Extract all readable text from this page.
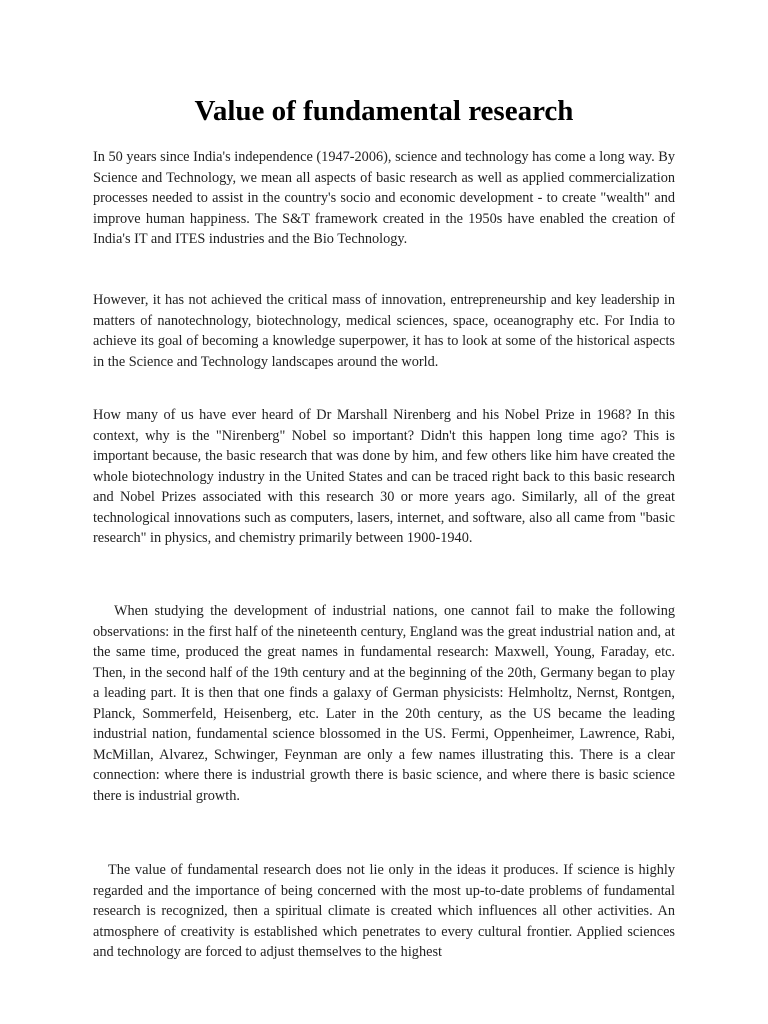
Value of fundamental research

In 50 years since India's independence (1947-2006), science and technology has come a long way. By Science and Technology, we mean all aspects of basic research as well as applied commercialization processes needed to assist in the country's socio and economic development - to create "wealth" and improve human happiness. The S&T framework created in the 1950s have enabled the creation of India's IT and ITES industries and the Bio Technology.

However, it has not achieved the critical mass of innovation, entrepreneurship and key leadership in matters of nanotechnology, biotechnology, medical sciences, space, oceanography etc. For India to achieve its goal of becoming a knowledge superpower, it has to look at some of the historical aspects in the Science and Technology landscapes around the world.

How many of us have ever heard of Dr Marshall Nirenberg and his Nobel Prize in 1968? In this context, why is the "Nirenberg" Nobel so important? Didn't this happen long time ago? This is important because, the basic research that was done by him, and few others like him have created the whole biotechnology industry in the United States and can be traced right back to this basic research and Nobel Prizes associated with this research 30 or more years ago. Similarly, all of the great technological innovations such as computers, lasers, internet, and software, also all came from "basic research" in physics, and chemistry primarily between 1900-1940.

When studying the development of industrial nations, one cannot fail to make the following observations: in the first half of the nineteenth century, England was the great industrial nation and, at the same time, produced the great names in fundamental research: Maxwell, Young, Faraday, etc. Then, in the second half of the 19th century and at the beginning of the 20th, Germany began to play a leading part. It is then that one finds a galaxy of German physicists: Helmholtz, Nernst, Rontgen, Planck, Sommerfeld, Heisenberg, etc. Later in the 20th century, as the US became the leading industrial nation, fundamental science blossomed in the US. Fermi, Oppenheimer, Lawrence, Rabi, McMillan, Alvarez, Schwinger, Feynman are only a few names illustrating this. There is a clear connection: where there is industrial growth there is basic science, and where there is basic science there is industrial growth.

The value of fundamental research does not lie only in the ideas it produces. If science is highly regarded and the importance of being concerned with the most up-to-date problems of fundamental research is recognized, then a spiritual climate is created which influences all other activities. An atmosphere of creativity is established which penetrates to every cultural frontier. Applied sciences and technology are forced to adjust themselves to the highest
